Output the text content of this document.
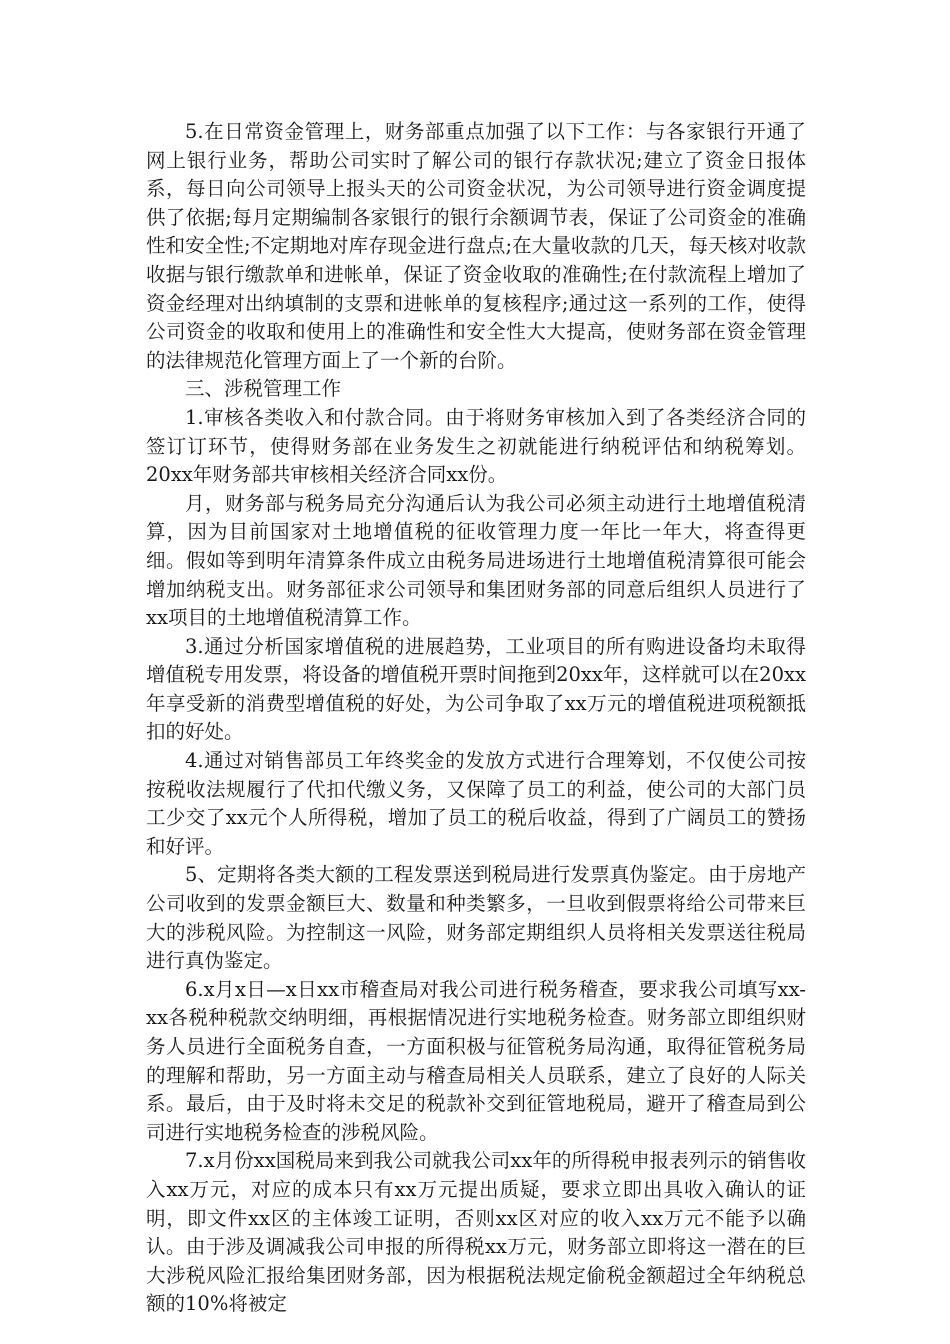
5.在日常资金管理上，财务部重点加强了以下工作：与各家银行开通了网上银行业务，帮助公司实时了解公司的银行存款状况;建立了资金日报体系，每日向公司领导上报头天的公司资金状况，为公司领导进行资金调度提供了依据;每月定期编制各家银行的银行余额调节表，保证了公司资金的准确性和安全性;不定期地对库存现金进行盘点;在大量收款的几天，每天核对收款收据与银行缴款单和进帐单，保证了资金收取的准确性;在付款流程上增加了资金经理对出纳填制的支票和进帐单的复核程序;通过这一系列的工作，使得公司资金的收取和使用上的准确性和安全性大大提高，使财务部在资金管理的法律规范化管理方面上了一个新的台阶。

三、涉税管理工作

1.审核各类收入和付款合同。由于将财务审核加入到了各类经济合同的签订订环节，使得财务部在业务发生之初就能进行纳税评估和纳税筹划。20xx年财务部共审核相关经济合同xx份。

月，财务部与税务局充分沟通后认为我公司必须主动进行土地增值税清算，因为目前国家对土地增值税的征收管理力度一年比一年大，将查得更细。假如等到明年清算条件成立由税务局进场进行土地增值税清算很可能会增加纳税支出。财务部征求公司领导和集团财务部的同意后组织人员进行了xx项目的土地增值税清算工作。

3.通过分析国家增值税的进展趋势，工业项目的所有购进设备均未取得增值税专用发票，将设备的增值税开票时间拖到20xx年，这样就可以在20xx年享受新的消费型增值税的好处，为公司争取了xx万元的增值税进项税额抵扣的好处。

4.通过对销售部员工年终奖金的发放方式进行合理筹划，不仅使公司按按税收法规履行了代扣代缴义务，又保障了员工的利益，使公司的大部门员工少交了xx元个人所得税，增加了员工的税后收益，得到了广阔员工的赞扬和好评。

5、定期将各类大额的工程发票送到税局进行发票真伪鉴定。由于房地产公司收到的发票金额巨大、数量和种类繁多，一旦收到假票将给公司带来巨大的涉税风险。为控制这一风险，财务部定期组织人员将相关发票送往税局进行真伪鉴定。

6.x月x日—x日xx市稽查局对我公司进行税务稽查，要求我公司填写xx-xx各税种税款交纳明细，再根据情况进行实地税务检查。财务部立即组织财务人员进行全面税务自查，一方面积极与征管税务局沟通，取得征管税务局的理解和帮助，另一方面主动与稽查局相关人员联系，建立了良好的人际关系。最后，由于及时将未交足的税款补交到征管地税局，避开了稽查局到公司进行实地税务检查的涉税风险。

7.x月份xx国税局来到我公司就我公司xx年的所得税申报表列示的销售收入xx万元，对应的成本只有xx万元提出质疑，要求立即出具收入确认的证明，即文件xx区的主体竣工证明，否则xx区对应的收入xx万元不能予以确认。由于涉及调减我公司申报的所得税xx万元，财务部立即将这一潜在的巨大涉税风险汇报给集团财务部，因为根据税法规定偷税金额超过全年纳税总额的10%将被定
